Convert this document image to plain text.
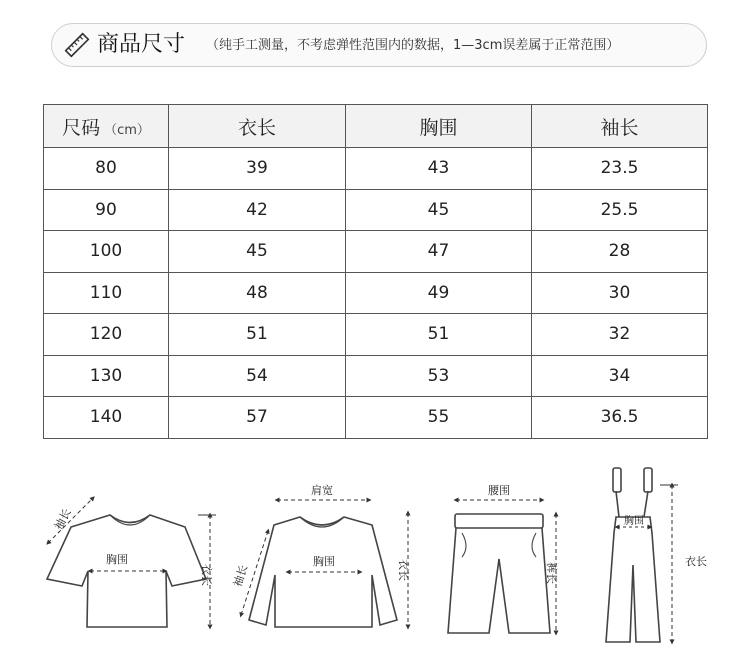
商品尺寸 （纯手工测量，不考虑弹性范围内的数据，1—3cm误差属于正常范围）
尺码 （cm）	衣长	胸围	袖长
80	39	43	23.5
90	42	45	25.5
100	45	47	28
110	48	49	30
120	51	51	32
130	54	53	34
140	57	55	36.5
胸围
袖长
衣长
肩宽
胸围
袖长	衣长
腰围
裤长
胸围
衣长
